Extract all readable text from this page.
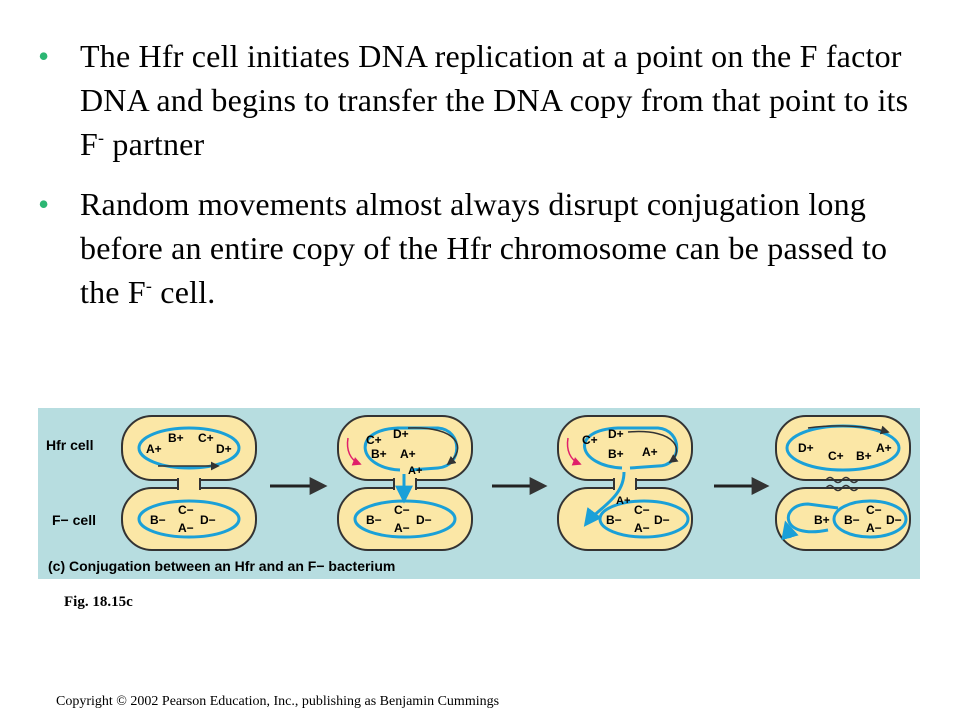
• The Hfr cell initiates DNA replication at a point on the F factor DNA and begins to transfer the DNA copy from that point to its F- partner
• Random movements almost always disrupt conjugation long before an entire copy of the Hfr chromosome can be passed to the F- cell.
Hfr cell
F− cell
(c) Conjugation between an Hfr and an F− bacterium
A+
B+ C+
D+
B−
C−
A−
D−
C+ D+
B+ A+
A+
B−
C−
A−
D−
C+ D+
B+ A+
A+
B−
C−
A−
D−
D+
C+ B+
A+
B+ B−
C−
A−
D−
Fig. 18.15c
Copyright © 2002 Pearson Education, Inc., publishing as Benjamin Cummings
